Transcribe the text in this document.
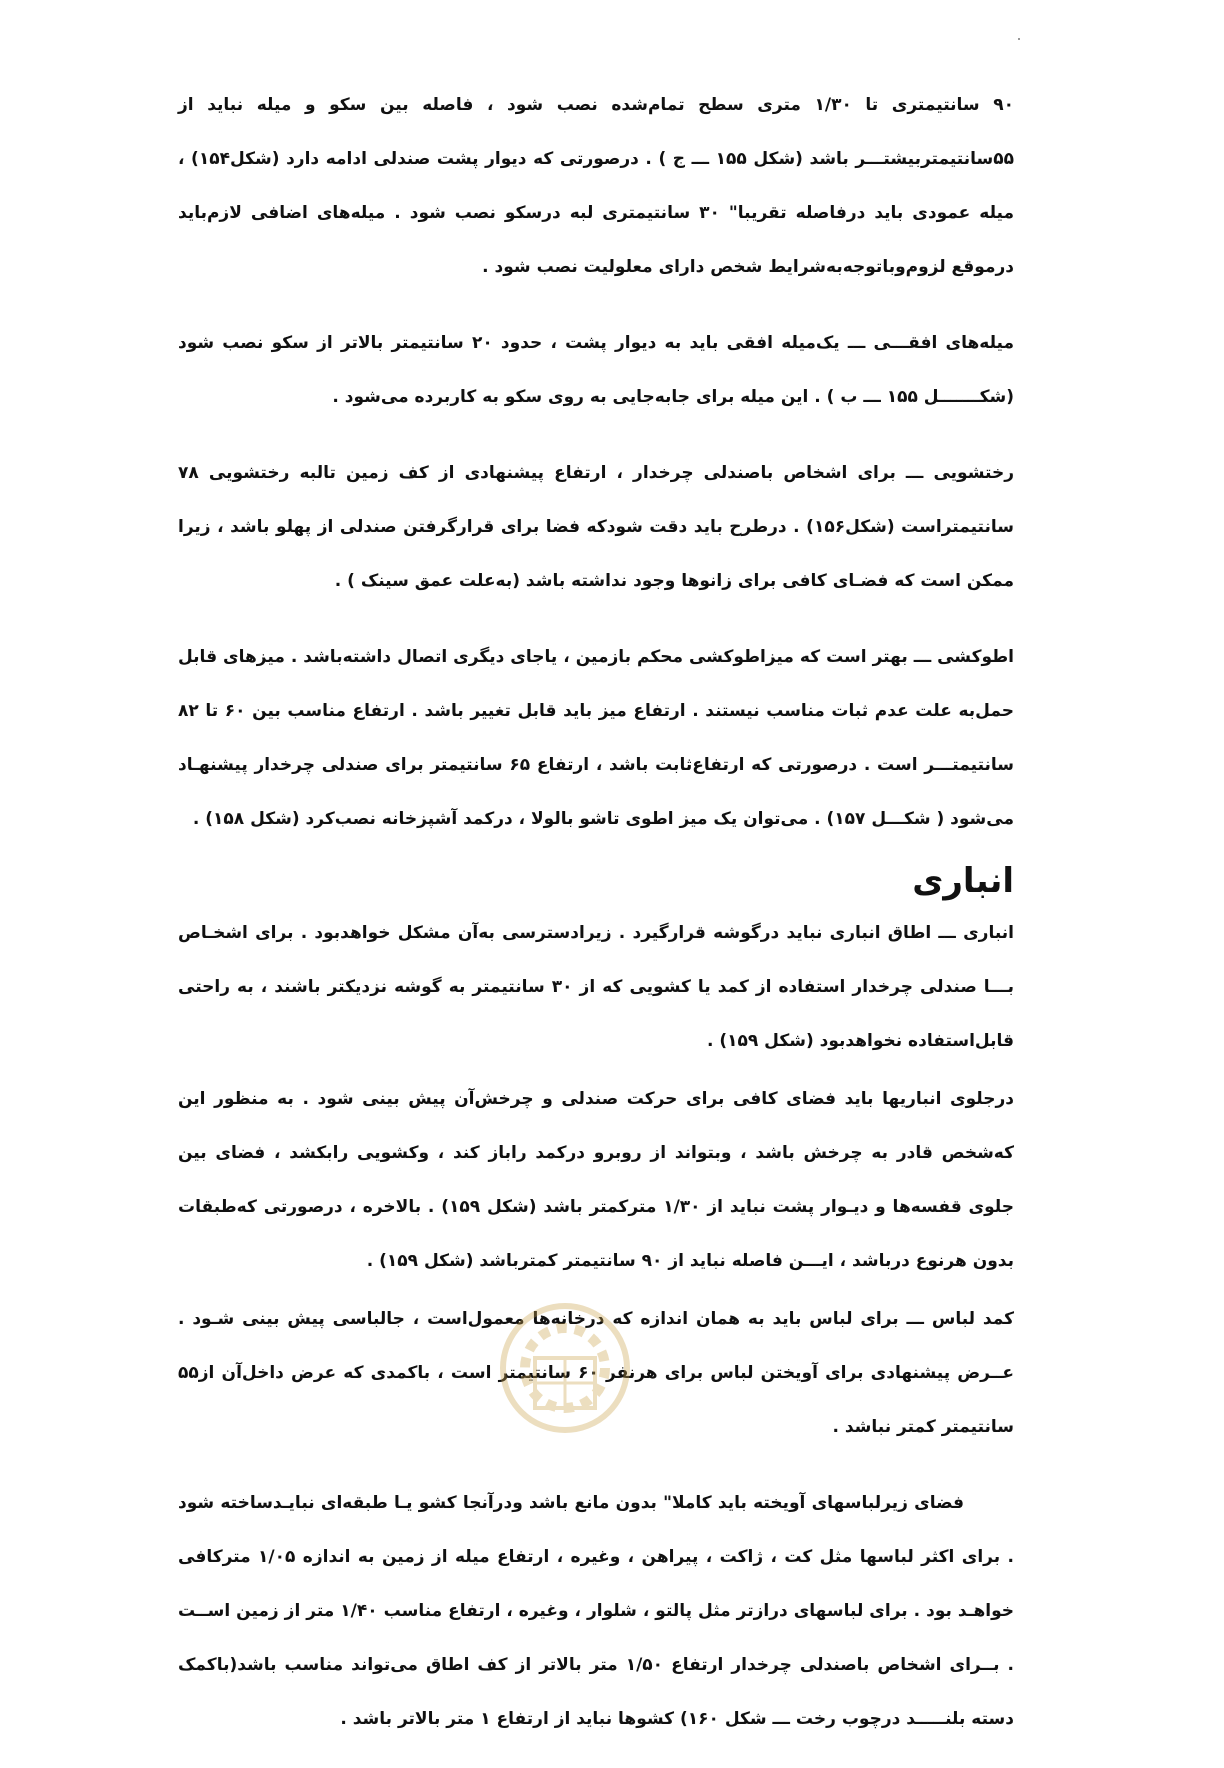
۹۰ سانتیمتری تا ۱/۳۰ متری سطح تمام‌شده نصب شود ، فاصله بین سکو و میله نباید از ۵۵سانتیمتربیشتـــر باشد (شکل ۱۵۵ ـــ ج ) . درصورتی که دیوار پشت صندلی ادامه دارد (شکل۱۵۴) ، میله عمودی باید درفاصله تقریبا" ۳۰ سانتیمتری لبه درسکو نصب شود . میله‌های اضافی لازم‌باید درموقع لزوم‌وباتوجه‌به‌شرایط شخص دارای معلولیت نصب شود .

میله‌های افقـــی ـــ یک‌میله افقی باید به دیوار پشت ، حدود ۲۰ سانتیمتر بالاتر از سکو نصب شود (شکـــــــل ۱۵۵ ـــ ب ) . این میله برای جابه‌جایی به روی سکو به کاربرده می‌شود .

رختشویی ـــ برای اشخاص باصندلی چرخدار ، ارتفاع پیشنهادی از کف زمین تالبه رختشویی ۷۸ سانتیمتراست (شکل۱۵۶) . درطرح باید دقت شودکه فضا برای قرارگرفتن صندلی از پهلو باشد ، زیرا ممکن است که فضـای کافی برای زانوها وجود نداشته باشد (به‌علت عمق سینک ) .

اطوکشی ـــ بهتر است که میزاطوکشی محکم بازمین ، یاجای دیگری اتصال داشته‌باشد . میزهای قابل حمل‌به علت عدم ثبات مناسب نیستند . ارتفاع میز باید قابل تغییر باشد . ارتفاع مناسب بین ۶۰ تا ۸۲ سانتیمتـــر است . درصورتی که ارتفاع‌ثابت باشد ، ارتفاع ۶۵ سانتیمتر برای صندلی چرخدار پیشنهـاد می‌شود ( شکـــل ۱۵۷) . می‌توان یک میز اطوی تاشو بالولا ، درکمد آشپزخانه نصب‌کرد (شکل ۱۵۸) .

انباری

انباری ـــ اطاق انباری نباید درگوشه قرارگیرد . زیرادسترسی به‌آن مشکل خواهدبود . برای اشخـاص بـــا صندلی چرخدار استفاده از کمد یا کشویی که از ۳۰ سانتیمتر به گوشه نزدیکتر باشند ، به راحتی قابل‌استفاده نخواهدبود (شکل ۱۵۹) .

درجلوی انباریها باید فضای کافی برای حرکت صندلی و چرخش‌آن پیش بینی شود . به منظور این که‌شخص قادر به چرخش باشد ، وبتواند از روبرو درکمد راباز کند ، وکشویی رابکشد ، فضای بین جلوی قفسه‌ها و دیـوار پشت نباید از ۱/۳۰ مترکمتر باشد (شکل ۱۵۹) . بالاخره ، درصورتی که‌طبقات بدون هرنوع درباشد ، ایـــن فاصله نباید از ۹۰ سانتیمتر کمترباشد (شکل ۱۵۹) .

کمد لباس ـــ برای لباس باید به همان اندازه که درخانه‌ها معمول‌است ، جالباسی پیش بینی شـود . عــرض پیشنهادی برای آویختن لباس برای هرنفر ۶۰ سانتیمتر است ، باکمدی که عرض داخل‌آن از۵۵ سانتیمتر کمتر نباشد .

فضای زیرلباسهای آویخته باید کاملا" بدون مانع باشد ودرآنجا کشو یـا طبقه‌ای نبایـدساخته شود . برای اکثر لباسها مثل کت ، ژاکت ، پیراهن ، وغیره ، ارتفاع میله از زمین به اندازه ۱/۰۵ مترکافی خواهـد بود . برای لباسهای درازتر مثل پالتو ، شلوار ، وغیره ، ارتفاع مناسب ۱/۴۰ متر از زمین اســت . بــرای اشخاص باصندلی چرخدار ارتفاع ۱/۵۰ متر بالاتر از کف اطاق می‌تواند مناسب باشد(باکمک دسته بلنـــــد درچوب رخت ـــ شکل ۱۶۰) کشوها نباید از ارتفاع ۱ متر بالاتر باشد .
